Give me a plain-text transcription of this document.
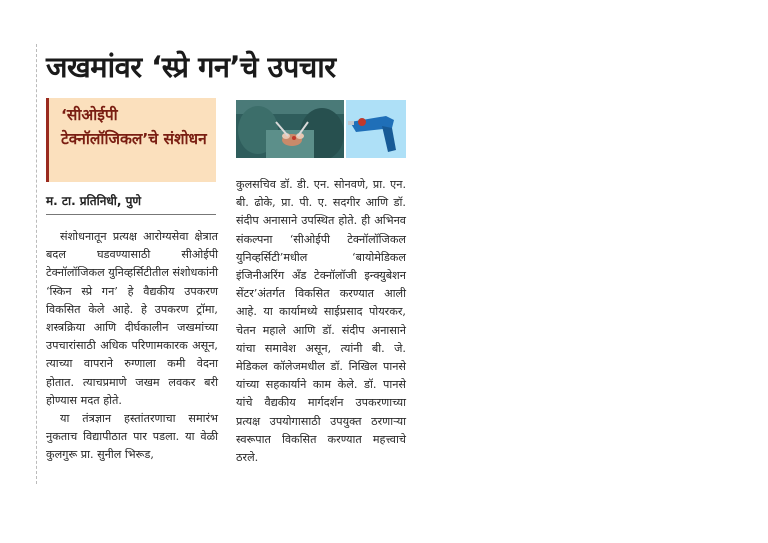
जखमांवर ‘स्प्रे गन’चे उपचार
‘सीओईपी टेक्नॉलॉजिकल’चे संशोधन
म. टा. प्रतिनिधी, पुणे

संशोधनातून प्रत्यक्ष आरोग्यसेवा क्षेत्रात बदल घडवण्यासाठी सीओईपी टेक्नॉलॉजिकल युनिव्हर्सिटीतील संशोधकांनी ‘स्किन स्प्रे गन’ हे वैद्यकीय उपकरण विकसित केले आहे. हे उपकरण ट्रॉमा, शस्त्रक्रिया आणि दीर्घकालीन जखमांच्या उपचारांसाठी अधिक परिणामकारक असून, त्याच्या वापराने रुग्णाला कमी वेदना होतात. त्याचप्रमाणे जखम लवकर बरी होण्यास मदत होते.

या तंत्रज्ञान हस्तांतरणाचा समारंभ नुकताच विद्यापीठात पार पडला. या वेळी कुलगुरू प्रा. सुनील भिरूड,

कुलसचिव डॉ. डी. एन. सोनवणे, प्रा. एन. बी. ढोके, प्रा. पी. ए. सदगीर आणि डॉ. संदीप अनासाने उपस्थित होते. ही अभिनव संकल्पना ‘सीओईपी टेक्नॉलॉजिकल युनिव्हर्सिटी’मधील ‘बायोमेडिकल इंजिनीअरिंग अँड टेक्नॉलॉजी इन्क्युबेशन सेंटर’अंतर्गत विकसित करण्यात आली आहे. या कार्यामध्ये साईप्रसाद पोयरकर, चेतन महाले आणि डॉ. संदीप अनासाने यांचा समावेश असून, त्यांनी बी. जे. मेडिकल कॉलेजमधील डॉ. निखिल पानसे यांच्या सहकार्याने काम केले. डॉ. पानसे यांचे वैद्यकीय मार्गदर्शन उपकरणाच्या प्रत्यक्ष उपयोगासाठी उपयुक्त ठरणाऱ्या स्वरूपात विकसित करण्यात महत्त्वाचे ठरले.
